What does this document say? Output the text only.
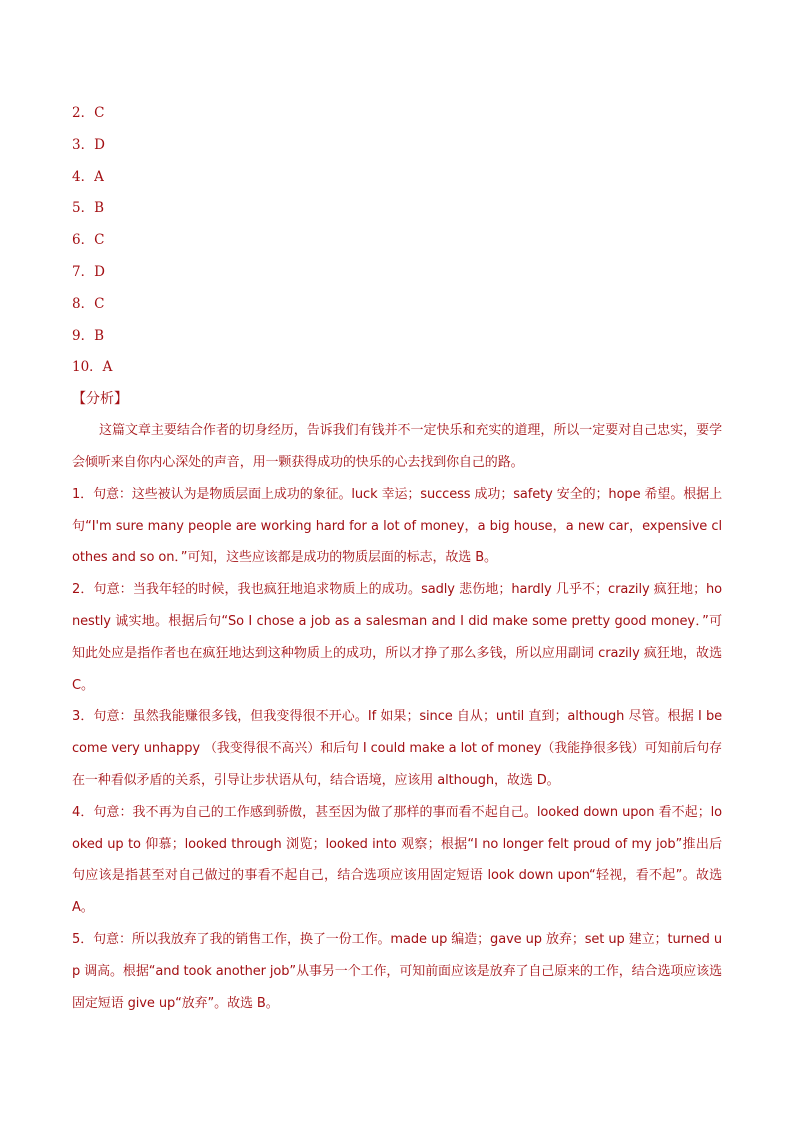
2．C
3．D
4．A
5．B
6．C
7．D
8．C
9．B
10．A
【分析】

这篇文章主要结合作者的切身经历，告诉我们有钱并不一定快乐和充实的道理，所以一定要对自己忠实，要学会倾听来自你内心深处的声音，用一颗获得成功的快乐的心去找到你自己的路。

1．句意：这些被认为是物质层面上成功的象征。luck 幸运；success 成功；safety 安全的；hope 希望。根据上句“I'm sure many people are working hard for a lot of money，a big house，a new car，expensive clothes and so on．”可知，这些应该都是成功的物质层面的标志，故选 B。

2．句意：当我年轻的时候，我也疯狂地追求物质上的成功。sadly 悲伤地；hardly 几乎不；crazily 疯狂地；honestly 诚实地。根据后句“So I chose a job as a salesman and I did make some pretty good money．”可知此处应是指作者也在疯狂地达到这种物质上的成功，所以才挣了那么多钱，所以应用副词 crazily 疯狂地，故选 C。

3．句意：虽然我能赚很多钱，但我变得很不开心。If 如果；since 自从；until 直到；although 尽管。根据 I become very unhappy （我变得很不高兴）和后句 I could make a lot of money（我能挣很多钱）可知前后句存在一种看似矛盾的关系，引导让步状语从句，结合语境，应该用 although，故选 D。

4．句意：我不再为自己的工作感到骄傲，甚至因为做了那样的事而看不起自己。looked down upon 看不起；looked up to 仰慕；looked through 浏览；looked into 观察；根据“I no longer felt proud of my job”推出后句应该是指甚至对自己做过的事看不起自己，结合选项应该用固定短语 look down upon“轻视，看不起”。故选 A。

5．句意：所以我放弃了我的销售工作，换了一份工作。made up 编造；gave up 放弃；set up 建立；turned up 调高。根据“and took another job”从事另一个工作，可知前面应该是放弃了自己原来的工作，结合选项应该选固定短语 give up“放弃”。故选 B。
